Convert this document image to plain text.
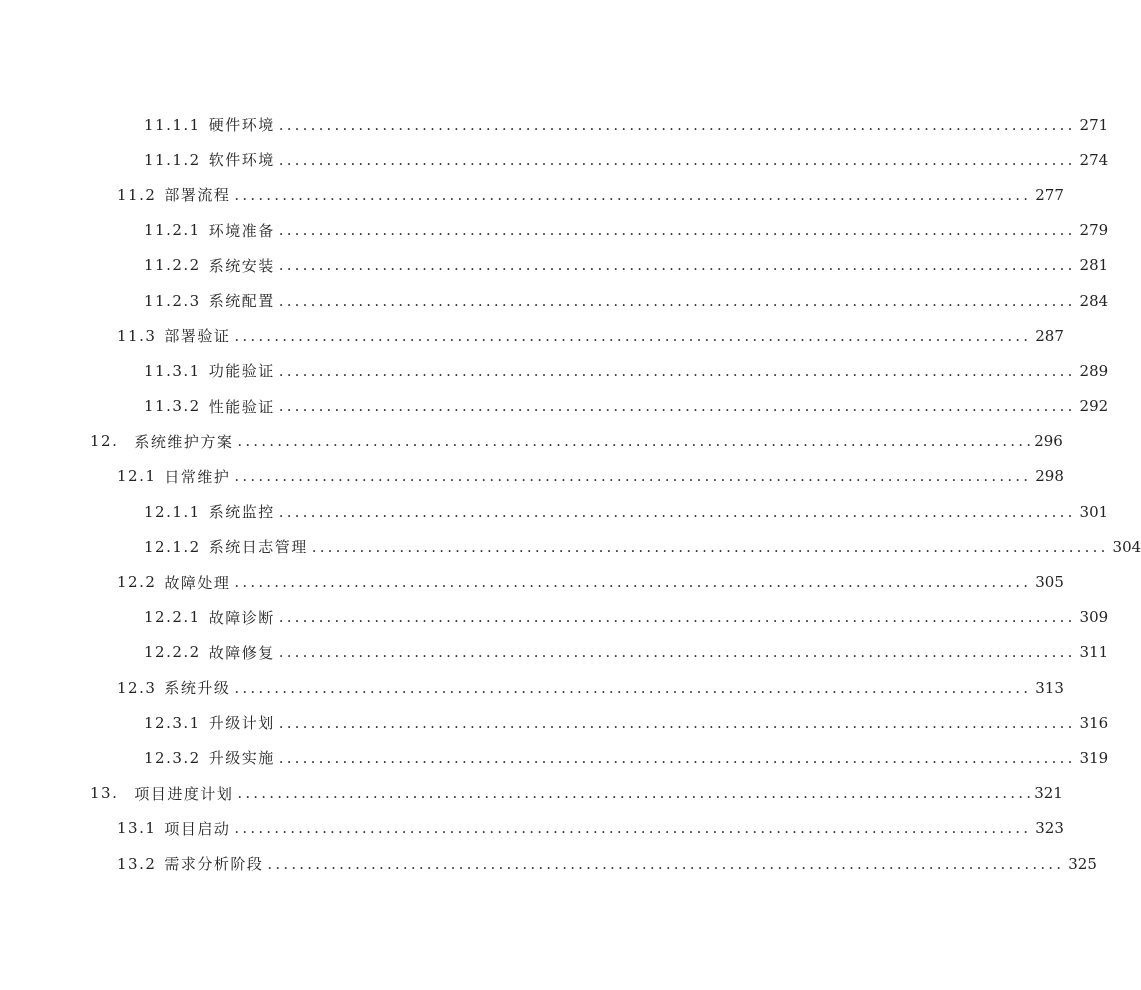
11.1.1 硬件环境 .................................................................................................... 271
11.1.2 软件环境 .................................................................................................... 274
11.2 部署流程 .................................................................................................... 277
11.2.1 环境准备 .................................................................................................... 279
11.2.2 系统安装 .................................................................................................... 281
11.2.3 系统配置 .................................................................................................... 284
11.3 部署验证 .................................................................................................... 287
11.3.1 功能验证 .................................................................................................... 289
11.3.2 性能验证 .................................................................................................... 292
12. 系统维护方案 .................................................................................................... 296
12.1 日常维护 .................................................................................................... 298
12.1.1 系统监控 .................................................................................................... 301
12.1.2 系统日志管理 .................................................................................................... 304
12.2 故障处理 .................................................................................................... 305
12.2.1 故障诊断 .................................................................................................... 309
12.2.2 故障修复 .................................................................................................... 311
12.3 系统升级 .................................................................................................... 313
12.3.1 升级计划 .................................................................................................... 316
12.3.2 升级实施 .................................................................................................... 319
13. 项目进度计划 .................................................................................................... 321
13.1 项目启动 .................................................................................................... 323
13.2 需求分析阶段 .................................................................................................... 325
